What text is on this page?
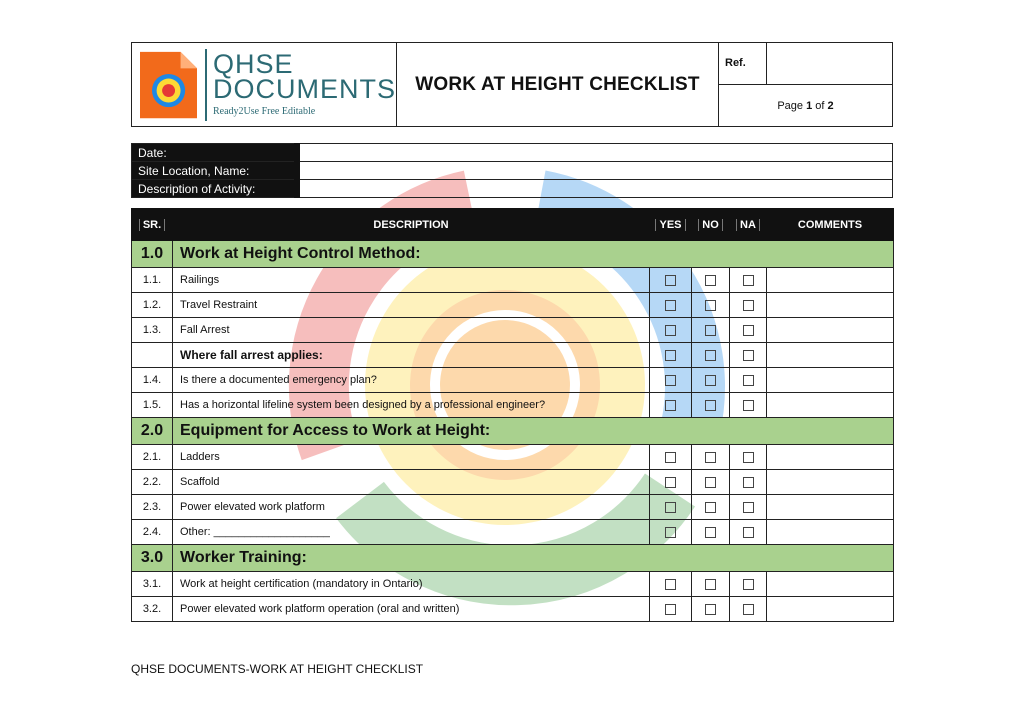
QHSE
DOCUMENTS
Ready2Use Free Editable
WORK AT HEIGHT CHECKLIST
Ref.
Page
1
of
2
Date:	
Site Location, Name:	
Description of Activity:	
SR.	DESCRIPTION	YES	NO	NA	COMMENTS
1.0	Work at Height Control Method:				
1.1.	Railings				
1.2.	Travel Restraint				
1.3.	Fall Arrest				
	Where fall arrest applies:				
1.4.	Is there a documented emergency plan?				
1.5.	Has a horizontal lifeline system been designed by a professional engineer?				
2.0	Equipment for Access to Work at Height:				
2.1.	Ladders				
2.2.	Scaffold				
2.3.	Power elevated work platform				
2.4.	Other: ___________________				
3.0	Worker Training:				
3.1.	Work at height certification (mandatory in Ontario)				
3.2.	Power elevated work platform operation (oral and written)				
QHSE DOCUMENTS-WORK AT HEIGHT CHECKLIST
